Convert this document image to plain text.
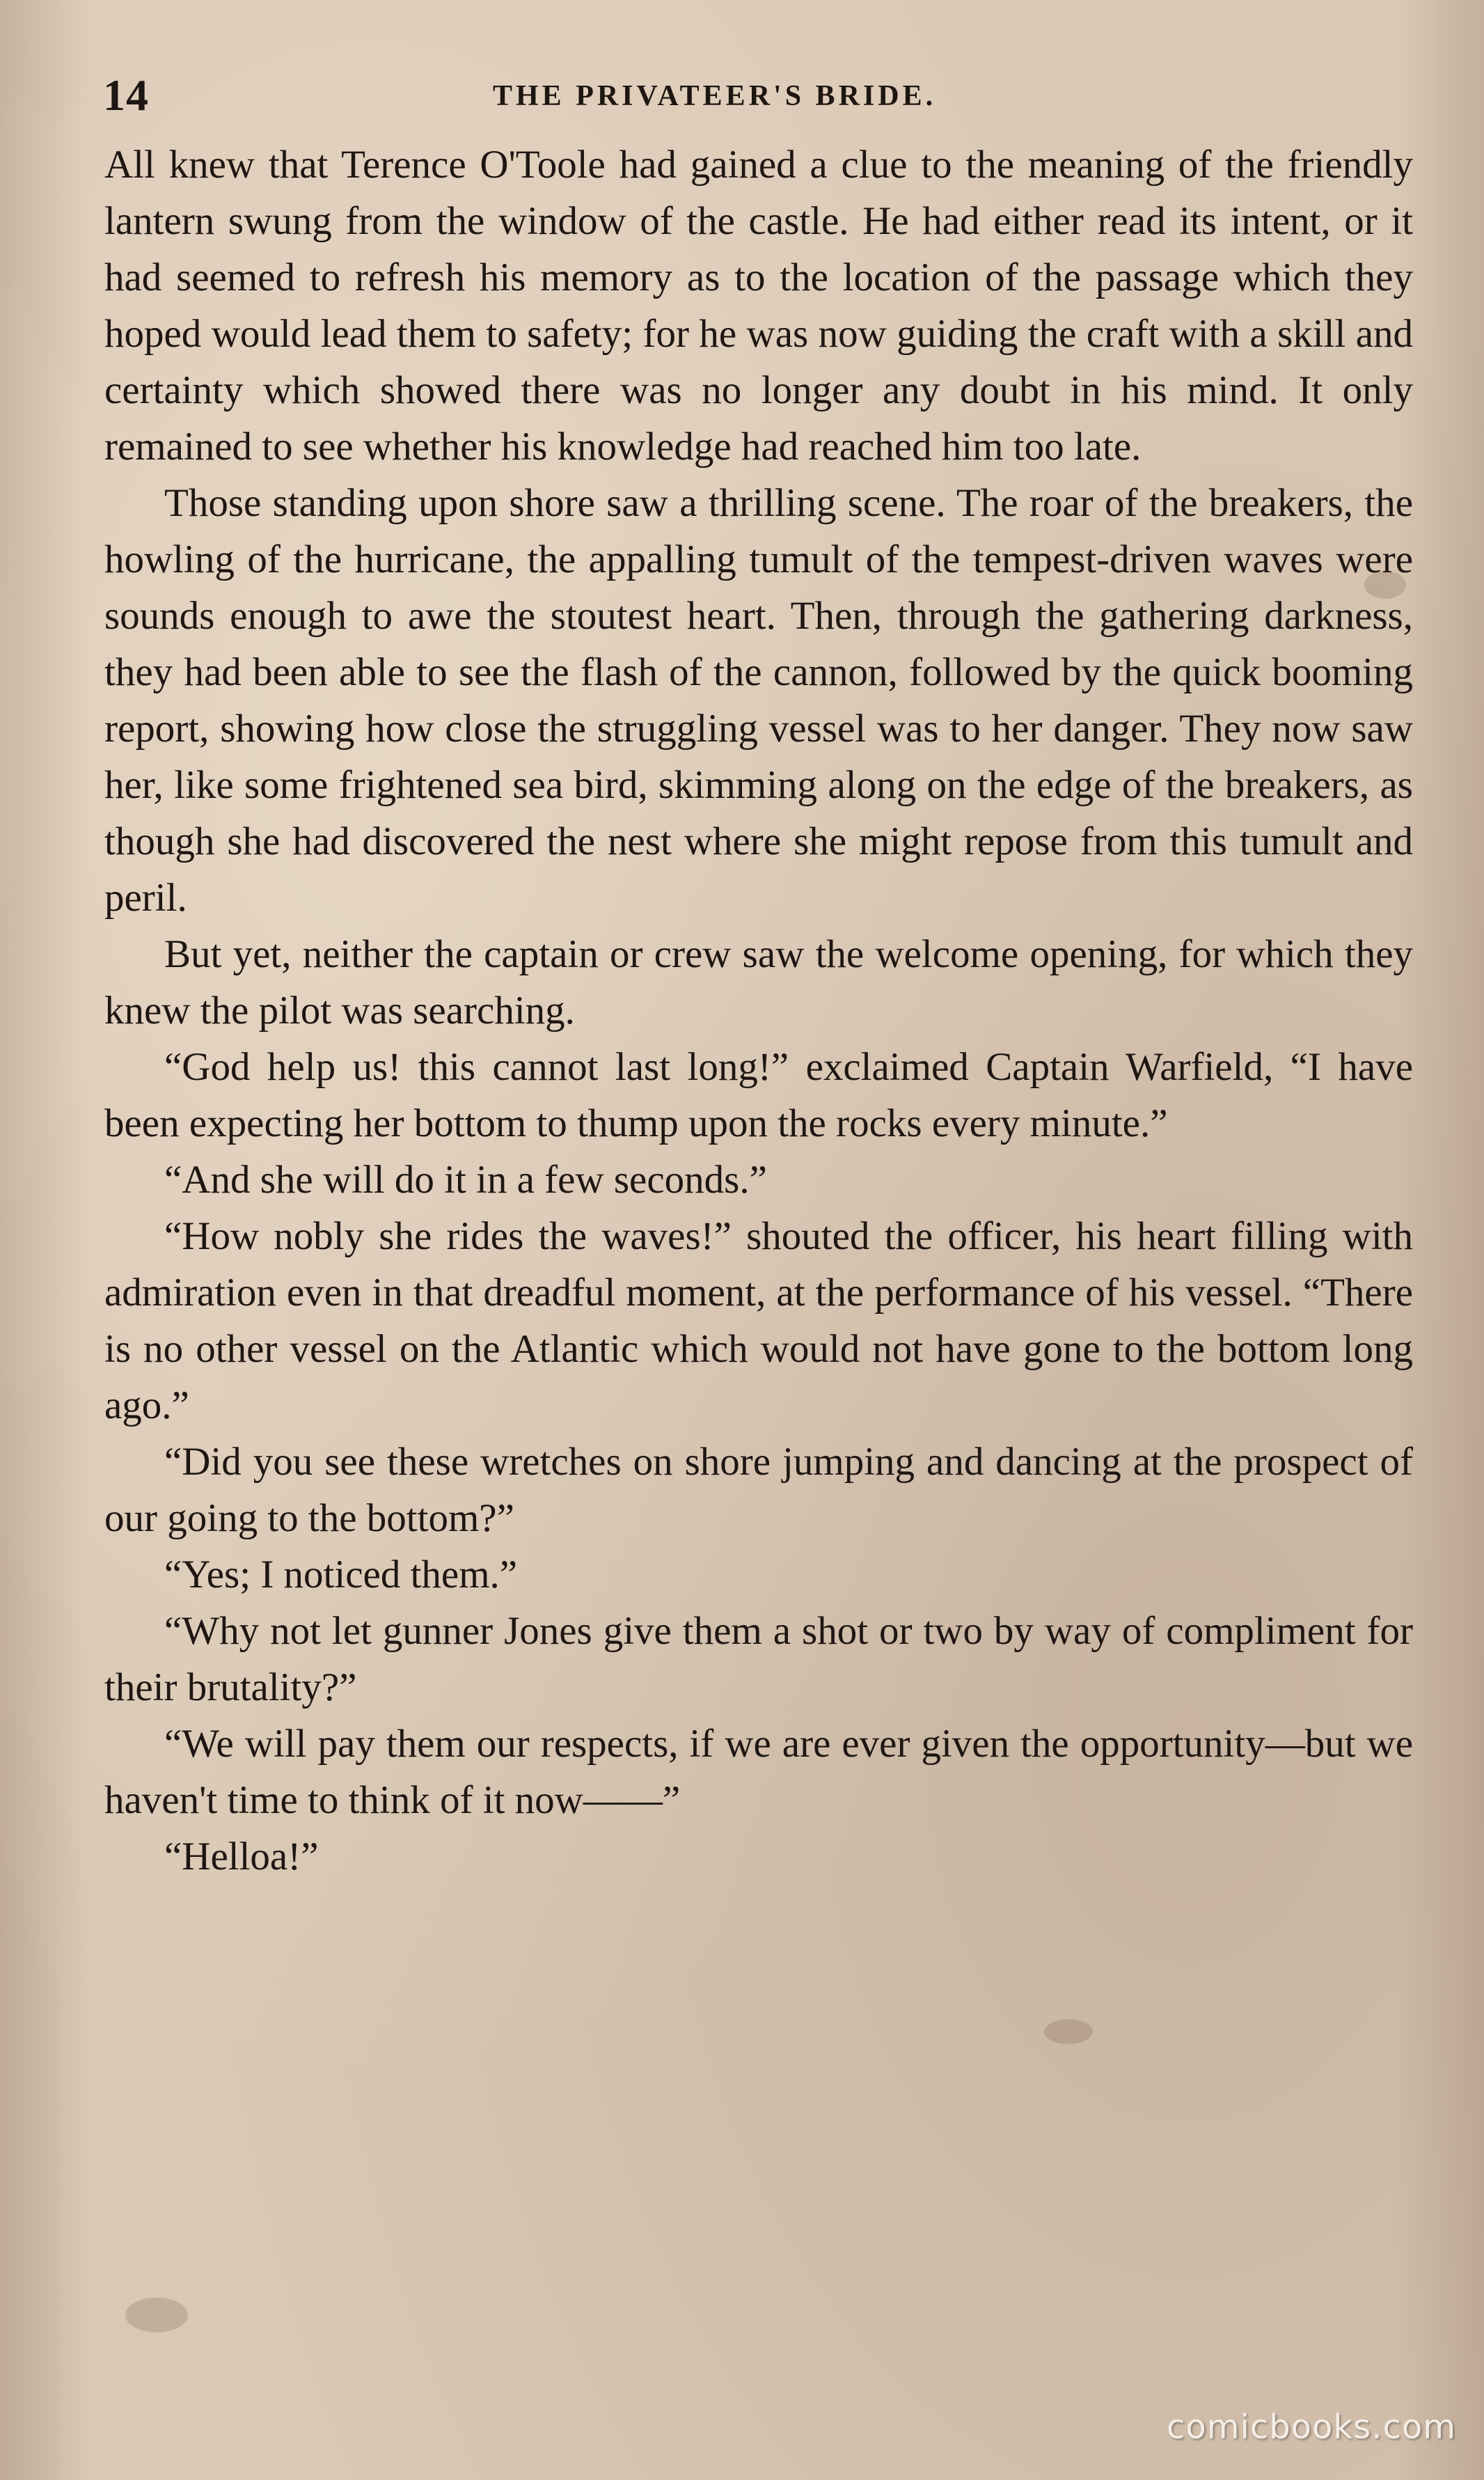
14	THE PRIVATEER'S BRIDE.

All knew that Terence O'Toole had gained a clue to the meaning of the friendly lantern swung from the window of the castle. He had either read its intent, or it had seemed to refresh his memory as to the location of the passage which they hoped would lead them to safety; for he was now guiding the craft with a skill and certainty which showed there was no longer any doubt in his mind. It only remained to see whether his knowledge had reached him too late.

Those standing upon shore saw a thrilling scene. The roar of the breakers, the howling of the hurricane, the appalling tumult of the tempest-driven waves were sounds enough to awe the stoutest heart. Then, through the gathering darkness, they had been able to see the flash of the cannon, followed by the quick booming report, showing how close the struggling vessel was to her danger. They now saw her, like some frightened sea bird, skimming along on the edge of the breakers, as though she had discovered the nest where she might repose from this tumult and peril.

But yet, neither the captain or crew saw the welcome opening, for which they knew the pilot was searching.

“God help us! this cannot last long!” exclaimed Captain Warfield, “I have been expecting her bottom to thump upon the rocks every minute.”

“And she will do it in a few seconds.”

“How nobly she rides the waves!” shouted the officer, his heart filling with admiration even in that dreadful moment, at the performance of his vessel. “There is no other vessel on the Atlantic which would not have gone to the bottom long ago.”

“Did you see these wretches on shore jumping and dancing at the prospect of our going to the bottom?”

“Yes; I noticed them.”

“Why not let gunner Jones give them a shot or two by way of compliment for their brutality?”

“We will pay them our respects, if we are ever given the opportunity—but we haven't time to think of it now——”

“Helloa!”

comicbooks.com
